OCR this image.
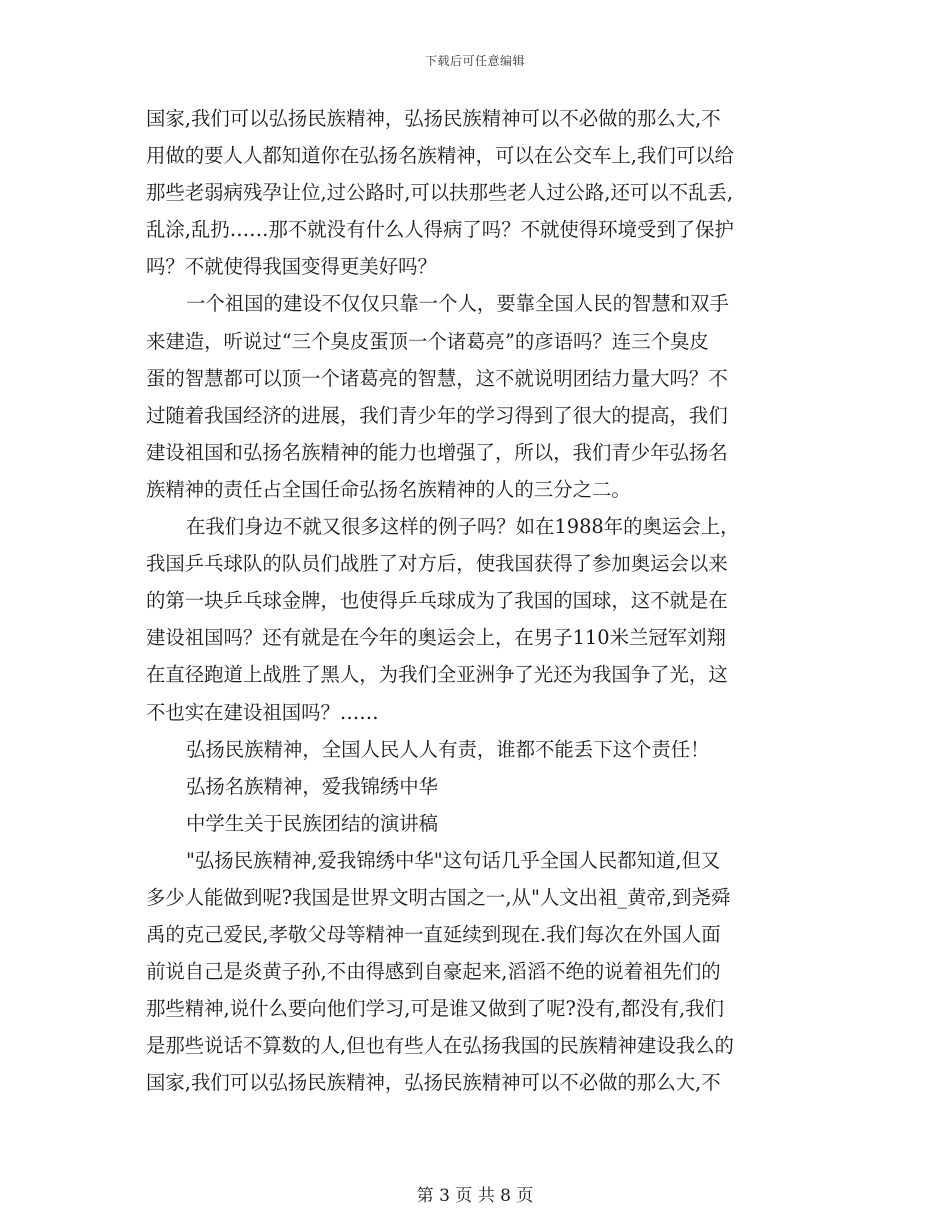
下载后可任意编辑
国家,我们可以弘扬民族精神，弘扬民族精神可以不必做的那么大,不
用做的要人人都知道你在弘扬名族精神，可以在公交车上,我们可以给
那些老弱病残孕让位,过公路时,可以扶那些老人过公路,还可以不乱丢,
乱涂,乱扔……那不就没有什么人得病了吗？不就使得环境受到了保护
吗？不就使得我国变得更美好吗？
一个祖国的建设不仅仅只靠一个人，要靠全国人民的智慧和双手
来建造，听说过“三个臭皮蛋顶一个诸葛亮”的彦语吗？连三个臭皮
蛋的智慧都可以顶一个诸葛亮的智慧，这不就说明团结力量大吗？不
过随着我国经济的进展，我们青少年的学习得到了很大的提高，我们
建设祖国和弘扬名族精神的能力也增强了，所以，我们青少年弘扬名
族精神的责任占全国任命弘扬名族精神的人的三分之二。
在我们身边不就又很多这样的例子吗？如在1988年的奥运会上，
我国乒乓球队的队员们战胜了对方后，使我国获得了参加奥运会以来
的第一块乒乓球金牌，也使得乒乓球成为了我国的国球，这不就是在
建设祖国吗？还有就是在今年的奥运会上，在男子110米兰冠军刘翔
在直径跑道上战胜了黑人，为我们全亚洲争了光还为我国争了光，这
不也实在建设祖国吗？……
弘扬民族精神，全国人民人人有责，谁都不能丢下这个责任！
弘扬名族精神，爱我锦绣中华
中学生关于民族团结的演讲稿
"弘扬民族精神,爱我锦绣中华"这句话几乎全国人民都知道,但又
多少人能做到呢?我国是世界文明古国之一,从"人文出祖_黄帝,到尧舜
禹的克己爱民,孝敬父母等精神一直延续到现在.我们每次在外国人面
前说自己是炎黄子孙,不由得感到自豪起来,滔滔不绝的说着祖先们的
那些精神,说什么要向他们学习,可是谁又做到了呢?没有,都没有,我们
是那些说话不算数的人,但也有些人在弘扬我国的民族精神建设我么的
国家,我们可以弘扬民族精神，弘扬民族精神可以不必做的那么大,不
第 3 页 共 8 页
